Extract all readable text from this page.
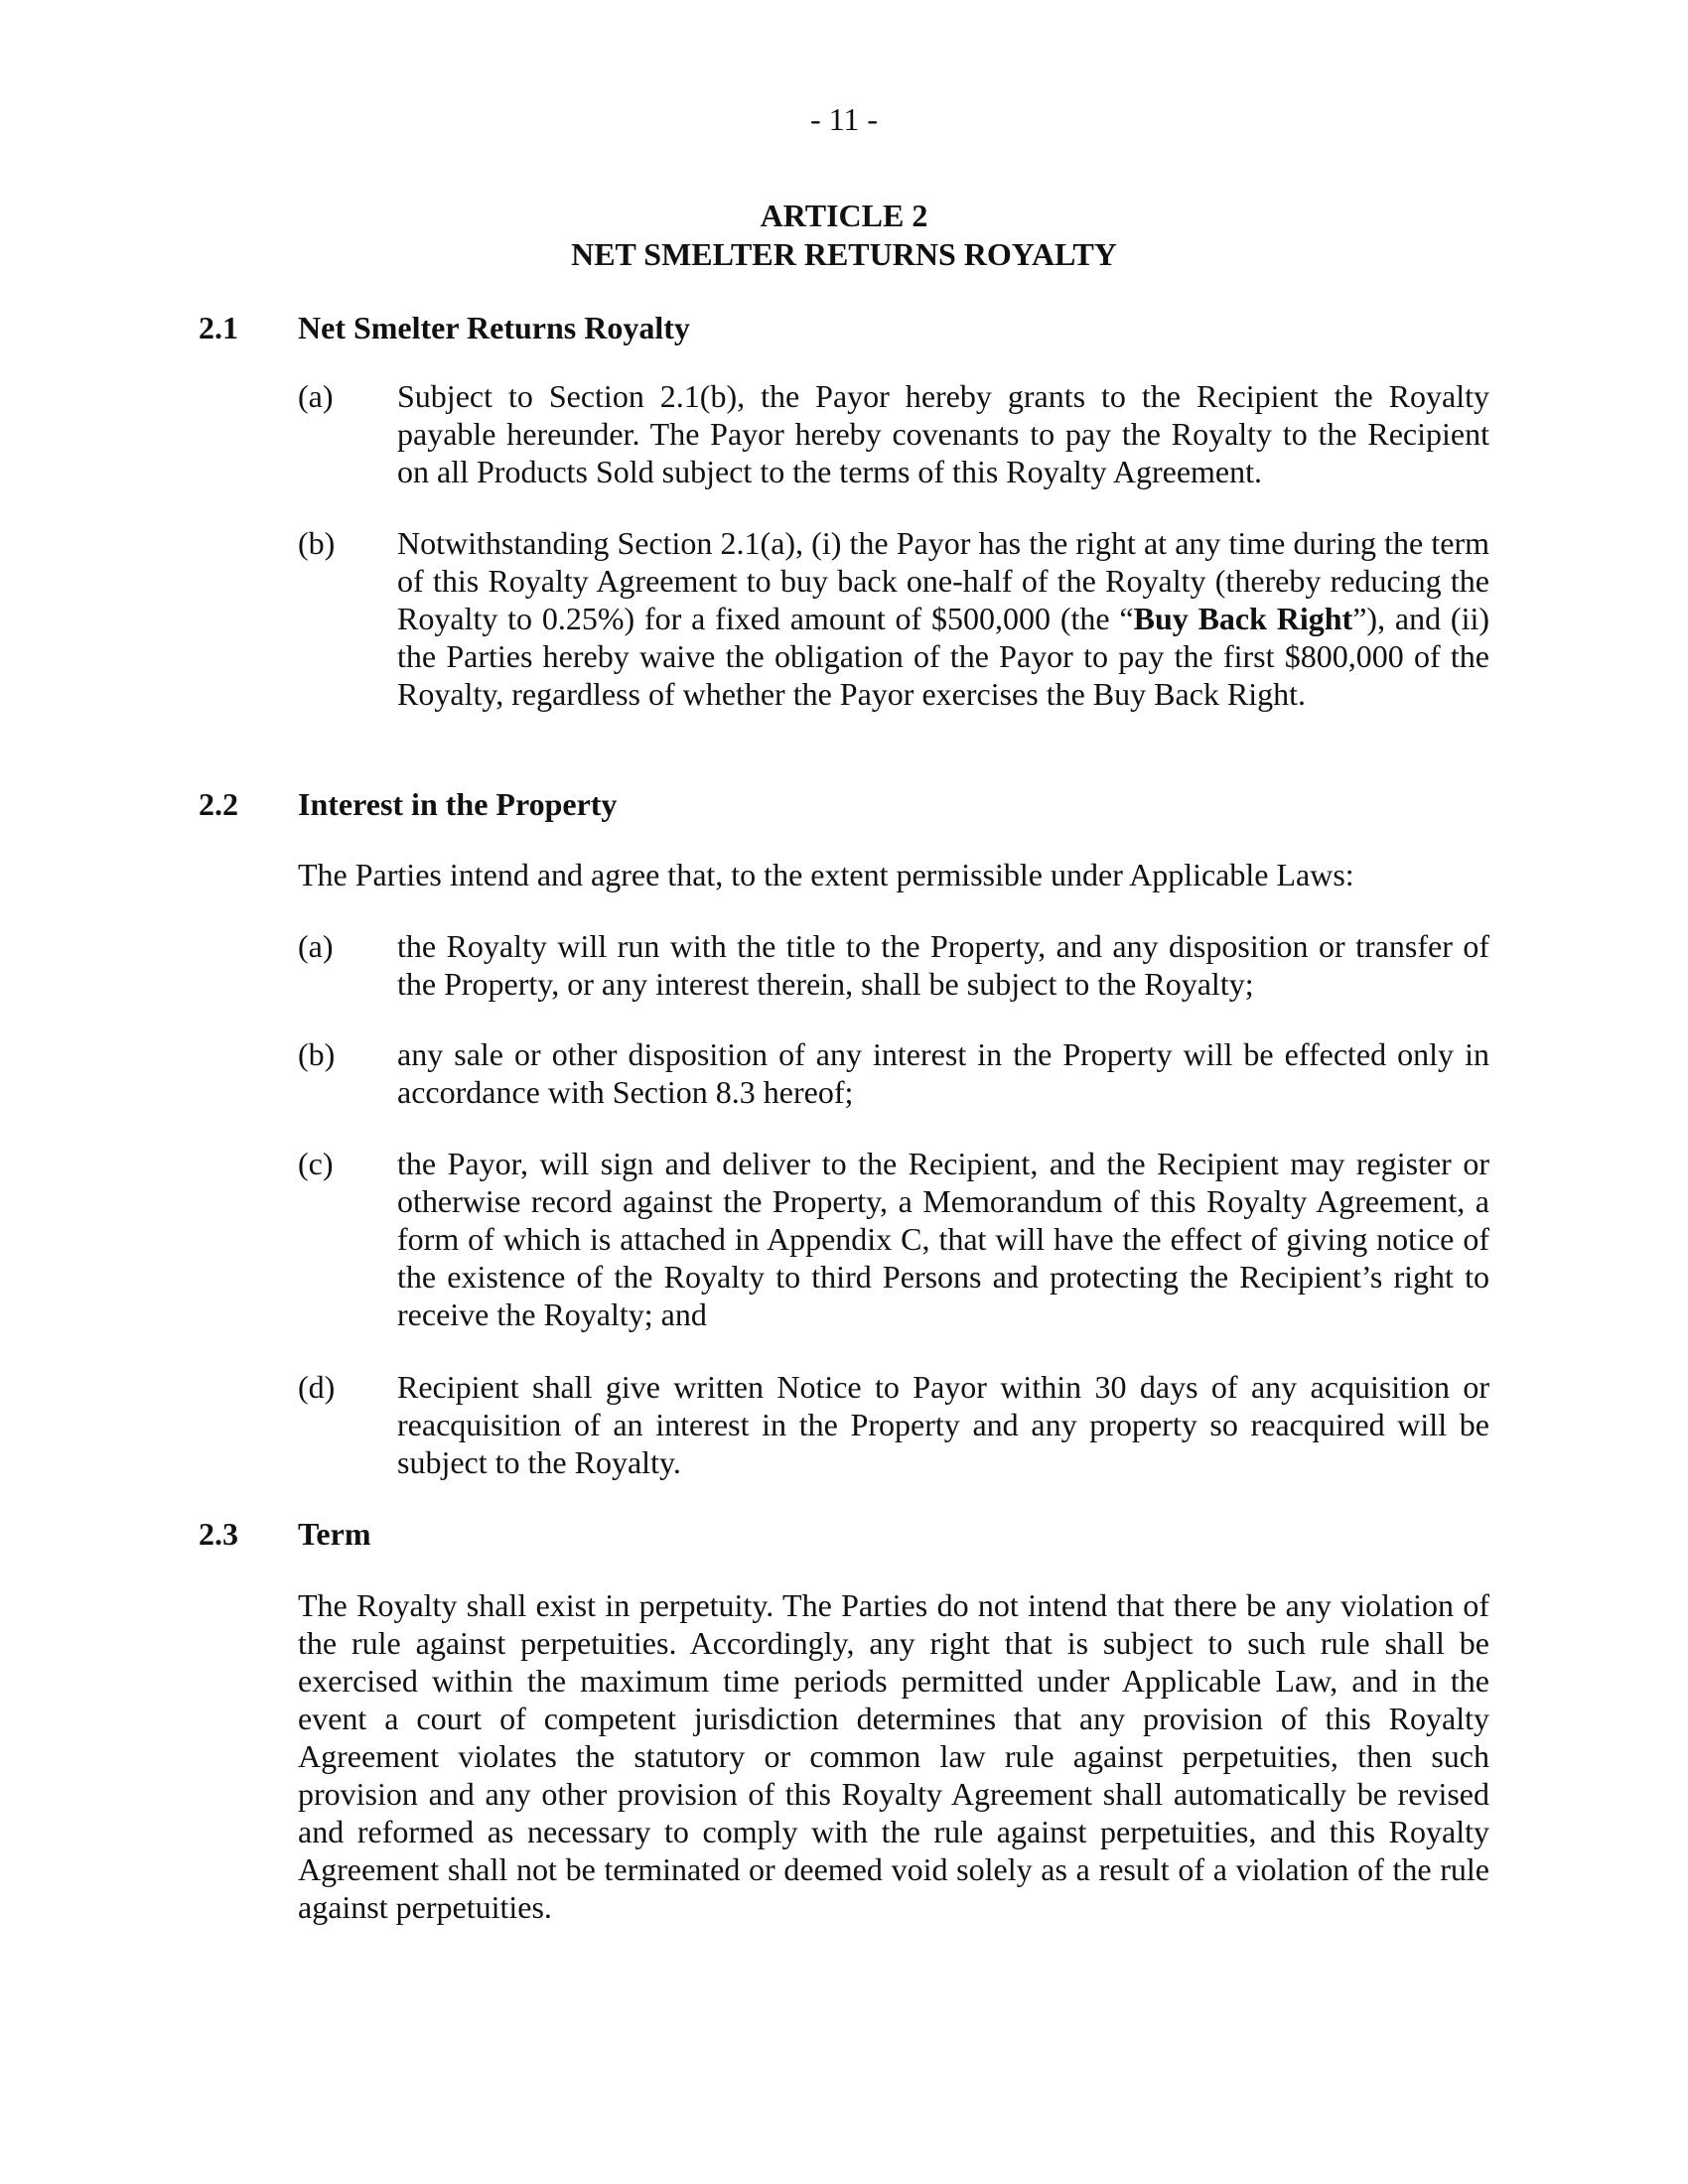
- 11 -
ARTICLE 2
NET SMELTER RETURNS ROYALTY
2.1 Net Smelter Returns Royalty
(a) Subject to Section 2.1(b), the Payor hereby grants to the Recipient the Royalty payable hereunder. The Payor hereby covenants to pay the Royalty to the Recipient on all Products Sold subject to the terms of this Royalty Agreement.
(b) Notwithstanding Section 2.1(a), (i) the Payor has the right at any time during the term of this Royalty Agreement to buy back one-half of the Royalty (thereby reducing the Royalty to 0.25%) for a fixed amount of $500,000 (the “Buy Back Right”), and (ii) the Parties hereby waive the obligation of the Payor to pay the first $800,000 of the Royalty, regardless of whether the Payor exercises the Buy Back Right.
2.2 Interest in the Property
The Parties intend and agree that, to the extent permissible under Applicable Laws:
(a) the Royalty will run with the title to the Property, and any disposition or transfer of the Property, or any interest therein, shall be subject to the Royalty;
(b) any sale or other disposition of any interest in the Property will be effected only in accordance with Section 8.3 hereof;
(c) the Payor, will sign and deliver to the Recipient, and the Recipient may register or otherwise record against the Property, a Memorandum of this Royalty Agreement, a form of which is attached in Appendix C, that will have the effect of giving notice of the existence of the Royalty to third Persons and protecting the Recipient’s right to receive the Royalty; and
(d) Recipient shall give written Notice to Payor within 30 days of any acquisition or reacquisition of an interest in the Property and any property so reacquired will be subject to the Royalty.
2.3 Term
The Royalty shall exist in perpetuity. The Parties do not intend that there be any violation of the rule against perpetuities. Accordingly, any right that is subject to such rule shall be exercised within the maximum time periods permitted under Applicable Law, and in the event a court of competent jurisdiction determines that any provision of this Royalty Agreement violates the statutory or common law rule against perpetuities, then such provision and any other provision of this Royalty Agreement shall automatically be revised and reformed as necessary to comply with the rule against perpetuities, and this Royalty Agreement shall not be terminated or deemed void solely as a result of a violation of the rule against perpetuities.
